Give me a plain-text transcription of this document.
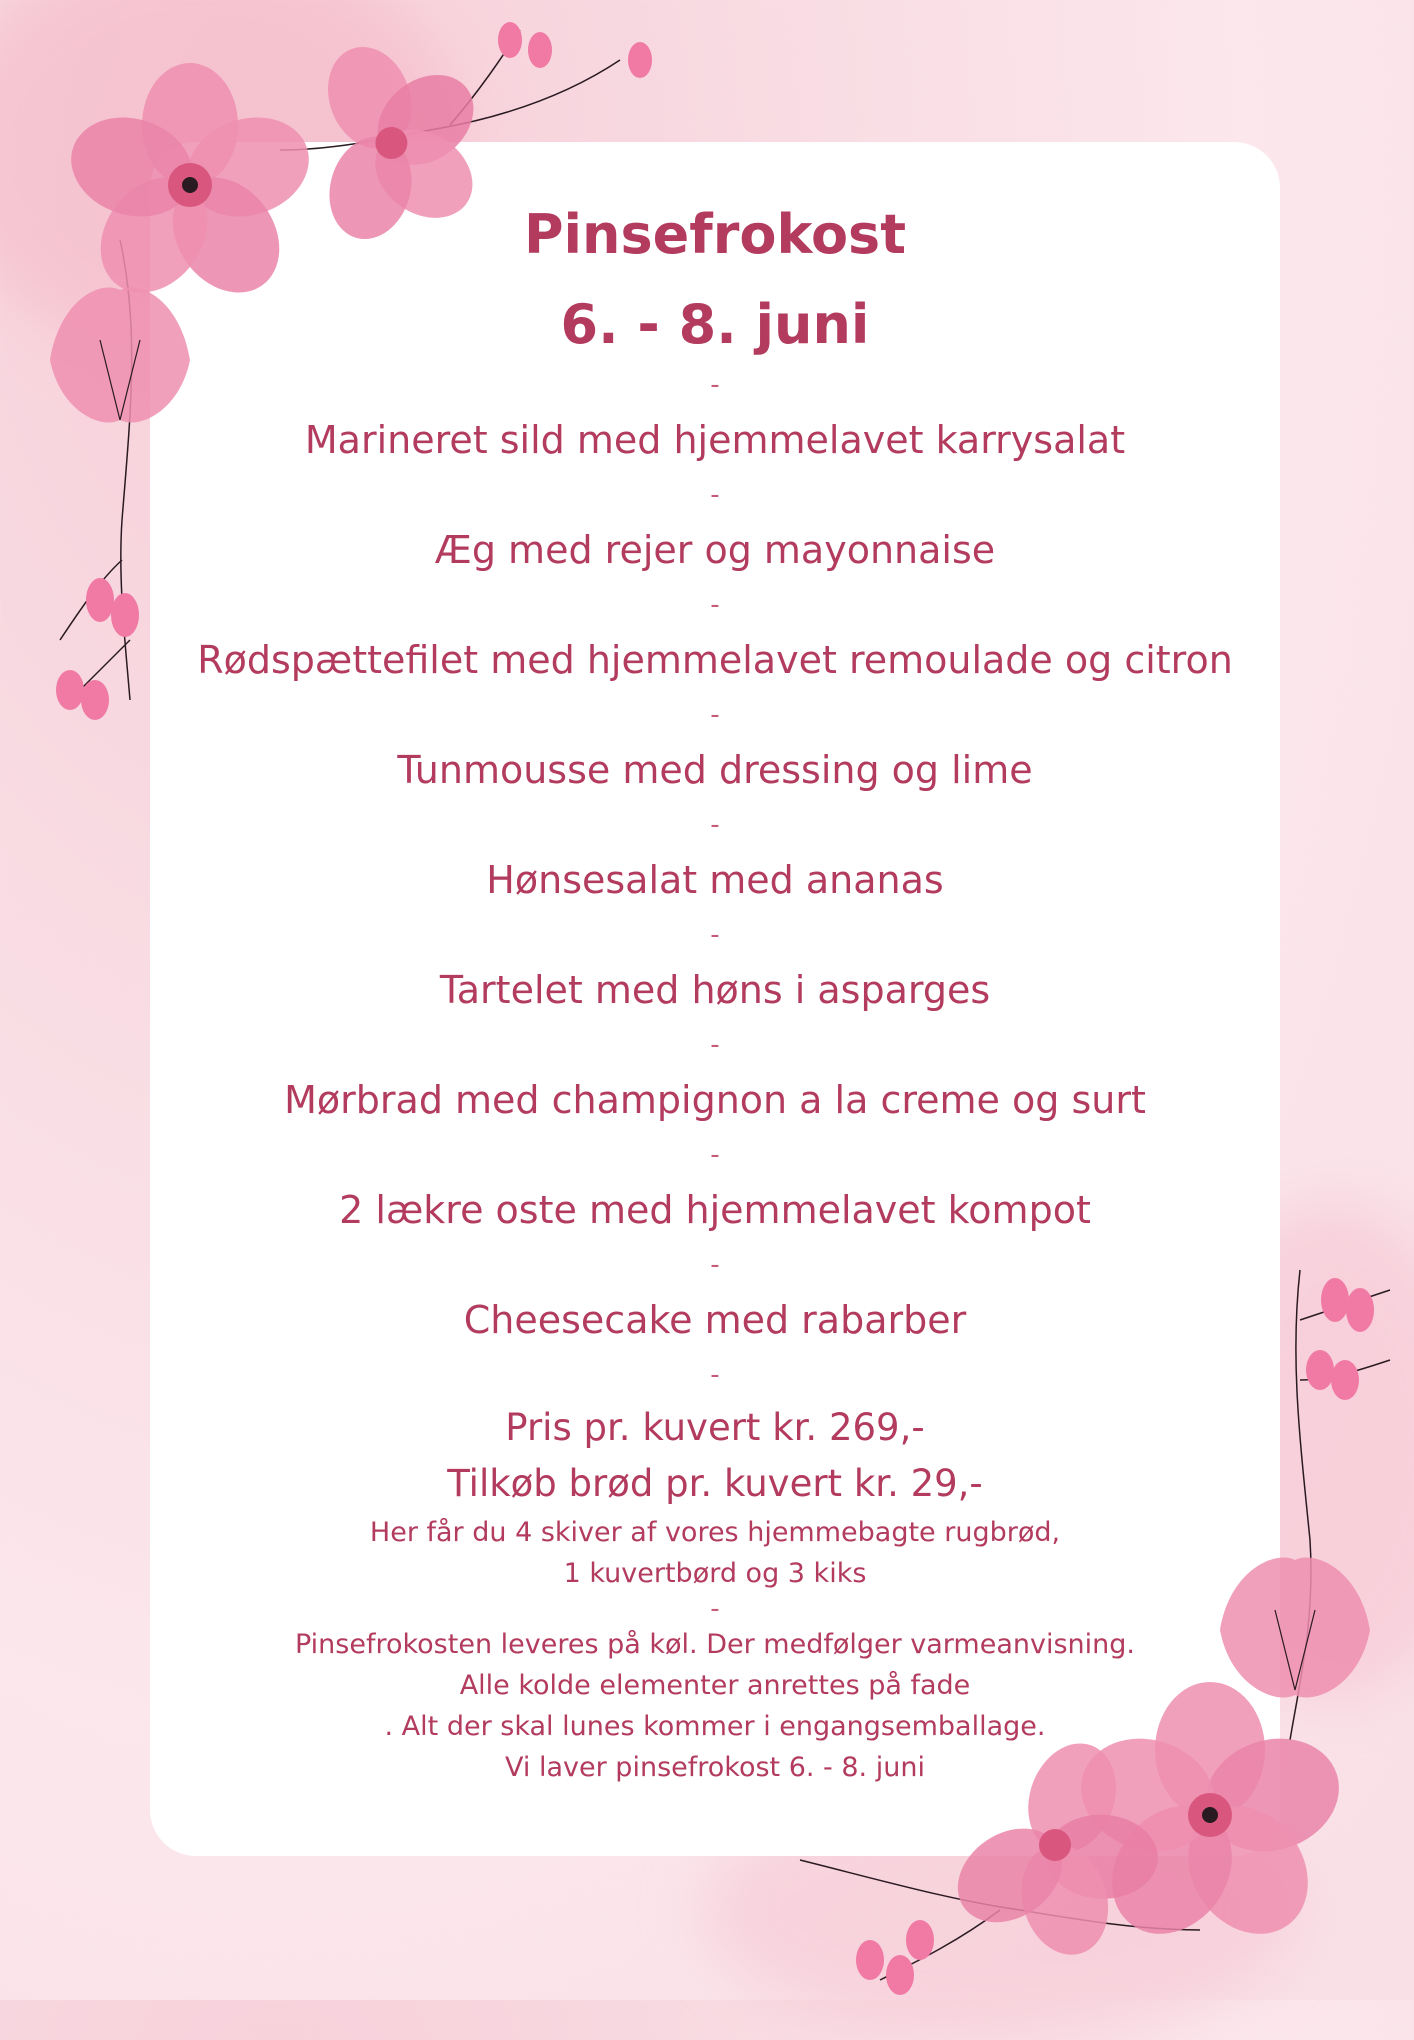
Pinsefrokost
6. - 8. juni
-
Marineret sild med hjemmelavet karrysalat
-
Æg med rejer og mayonnaise
-
Rødspættefilet med hjemmelavet remoulade og citron
-
Tunmousse med dressing og lime
-
Hønsesalat med ananas
-
Tartelet med høns i asparges
-
Mørbrad med champignon a la creme og surt
-
2 lækre oste med hjemmelavet kompot
-
Cheesecake med rabarber
-
Pris pr. kuvert kr. 269,-
Tilkøb brød pr. kuvert kr. 29,-
Her får du 4 skiver af vores hjemmebagte rugbrød,
1 kuvertbørd og 3 kiks
-
Pinsefrokosten leveres på køl. Der medfølger varmeanvisning.
Alle kolde elementer anrettes på fade
. Alt der skal lunes kommer i engangsemballage.
Vi laver pinsefrokost 6. - 8. juni
